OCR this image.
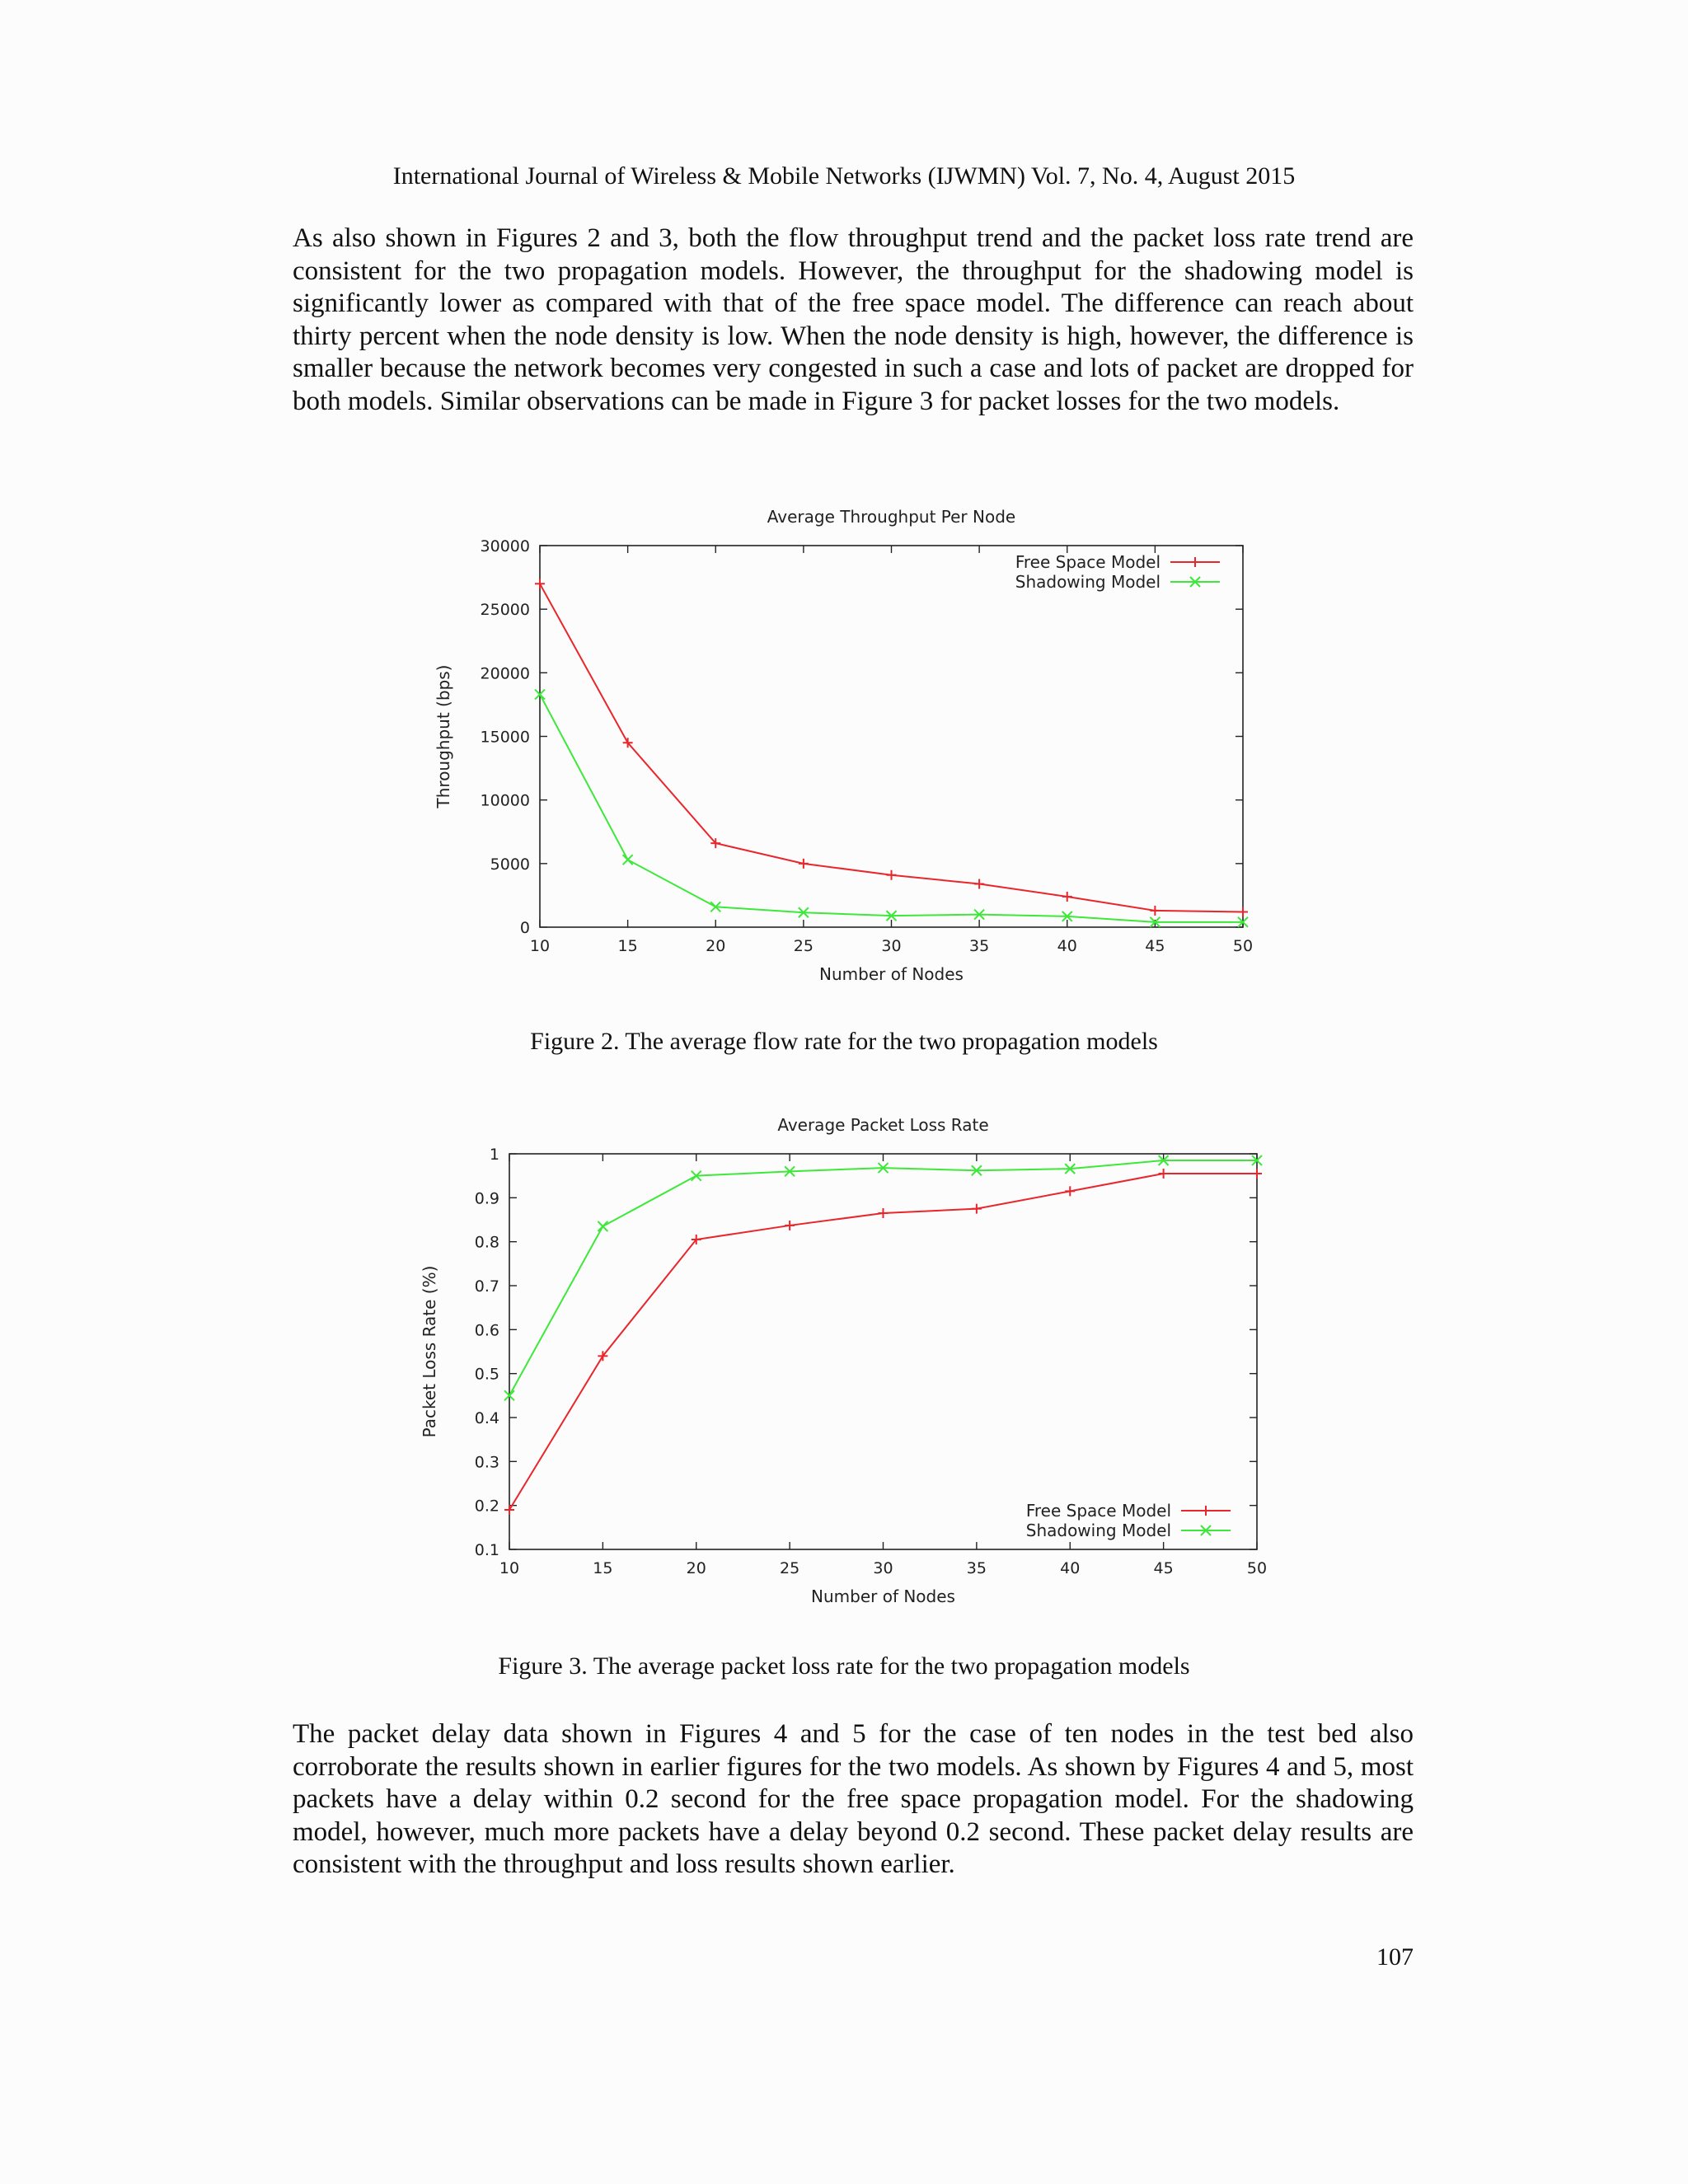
International Journal of Wireless & Mobile Networks (IJWMN) Vol. 7, No. 4, August 2015

As also shown in Figures 2 and 3, both the flow throughput trend and the packet loss rate trend are consistent for the two propagation models. However, the throughput for the shadowing model is significantly lower as compared with that of the free space model. The difference can reach about thirty percent when the node density is low. When the node density is high, however, the difference is smaller because the network becomes very congested in such a case and lots of packet are dropped for both models. Similar observations can be made in Figure 3 for packet losses for the two models.

Average Throughput Per Node
10	15	20	25	30	35	40	45	50
0
5000
10000
15000
20000
25000
30000
Number of Nodes
Throughput (bps)
Free Space Model
Shadowing Model
Figure 2. The average flow rate for the two propagation models
Average Packet Loss Rate
10	15	20	25	30	35	40	45	50
0.1
0.2
0.3
0.4
0.5
0.6
0.7
0.8
0.9
1
Number of Nodes
Packet Loss Rate (%)
Free Space Model
Shadowing Model
Figure 3. The average packet loss rate for the two propagation models

The packet delay data shown in Figures 4 and 5 for the case of ten nodes in the test bed also corroborate the results shown in earlier figures for the two models. As shown by Figures 4 and 5, most packets have a delay within 0.2 second for the free space propagation model. For the shadowing model, however, much more packets have a delay beyond 0.2 second. These packet delay results are consistent with the throughput and loss results shown earlier.

107
